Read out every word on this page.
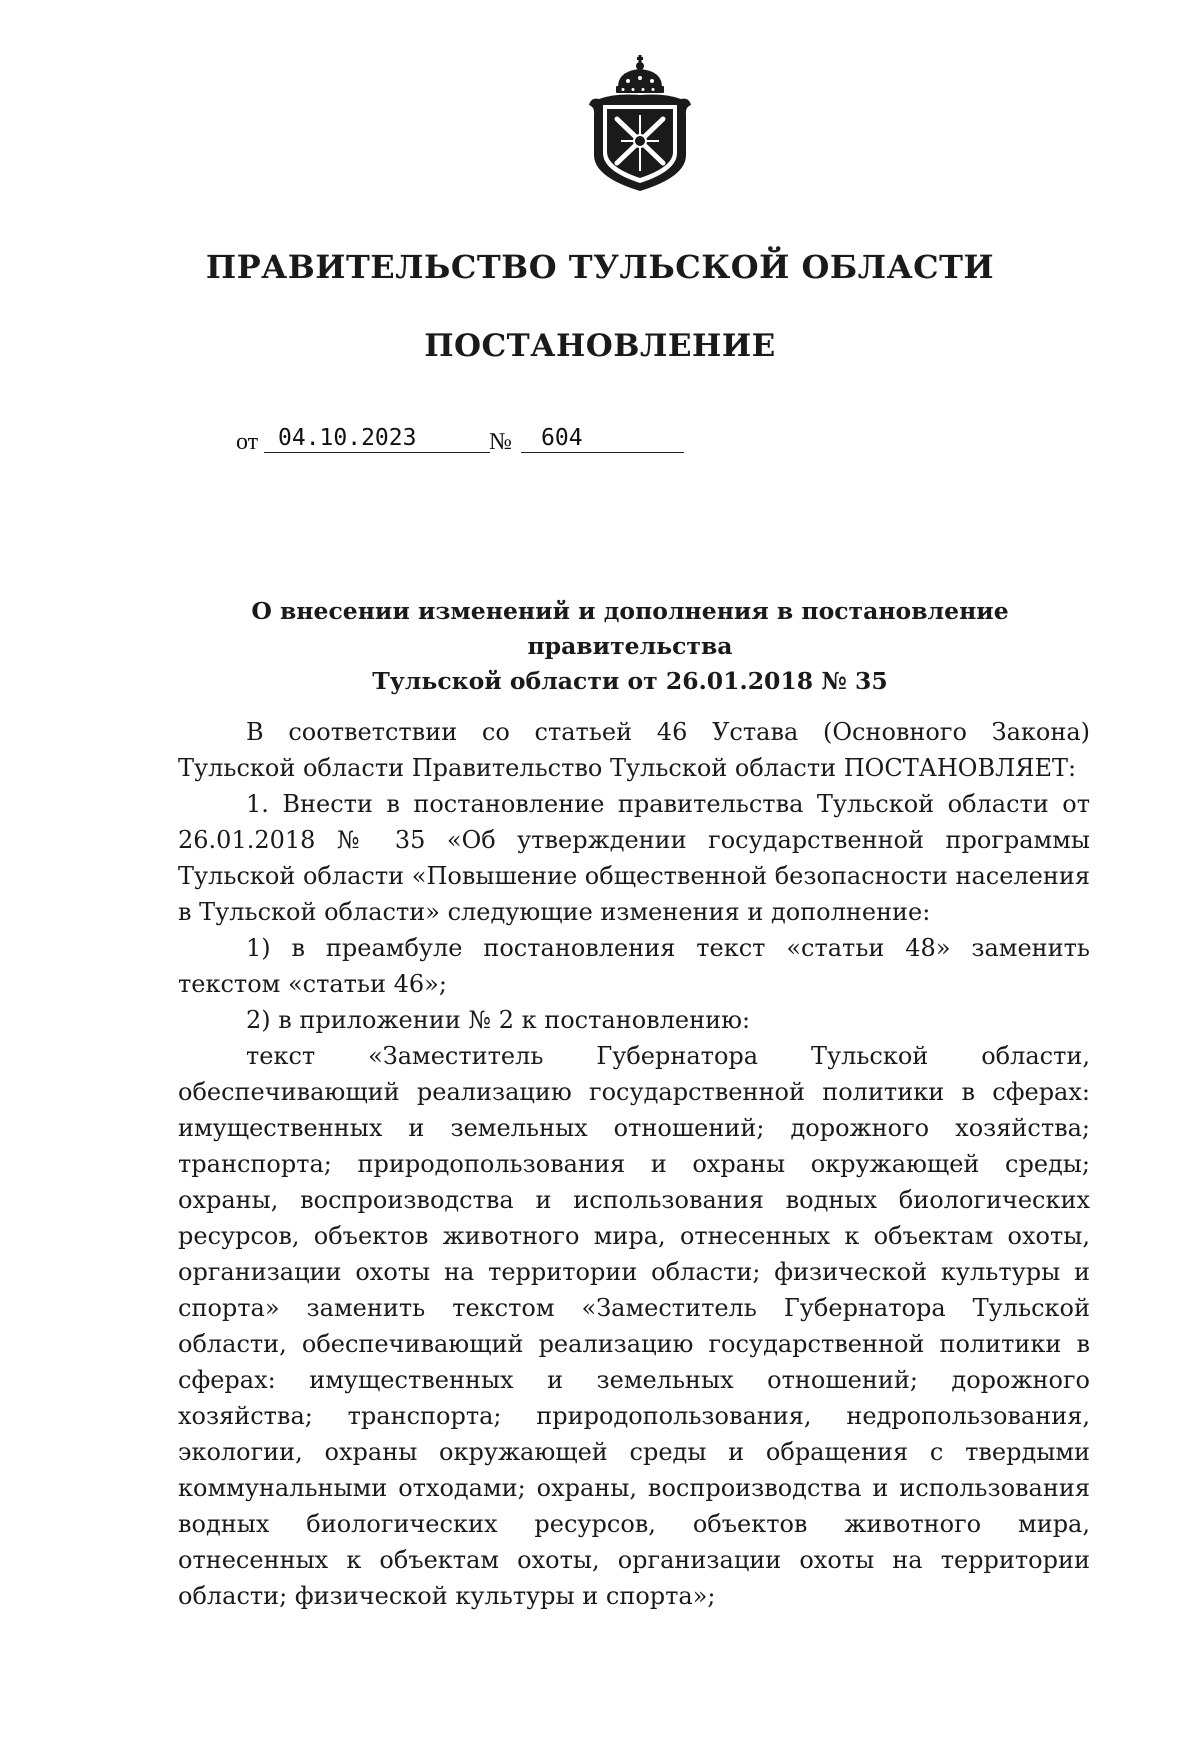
ПРАВИТЕЛЬСТВО ТУЛЬСКОЙ ОБЛАСТИ
ПОСТАНОВЛЕНИЕ
от 04.10.2023	№	604
О внесении изменений и дополнения в постановление правительства
Тульской области от 26.01.2018 № 35

В соответствии со статьей 46 Устава (Основного Закона) Тульской области Правительство Тульской области ПОСТАНОВЛЯЕТ:

1. Внести в постановление правительства Тульской области от 26.01.2018 № 35 «Об утверждении государственной программы Тульской области «Повышение общественной безопасности населения в Тульской области» следующие изменения и дополнение:

1) в преамбуле постановления текст «статьи 48» заменить текстом «статьи 46»;

2) в приложении № 2 к постановлению:

текст «Заместитель Губернатора Тульской области, обеспечивающий реализацию государственной политики в сферах: имущественных и земельных отношений; дорожного хозяйства; транспорта; природопользования и охраны окружающей среды; охраны, воспроизводства и использования водных биологических ресурсов, объектов животного мира, отнесенных к объектам охоты, организации охоты на территории области; физической культуры и спорта» заменить текстом «Заместитель Губернатора Тульской области, обеспечивающий реализацию государственной политики в сферах: имущественных и земельных отношений; дорожного хозяйства; транспорта; природопользования, недропользования, экологии, охраны окружающей среды и обращения с твердыми коммунальными отходами; охраны, воспроизводства и использования водных биологических ресурсов, объектов животного мира, отнесенных к объектам охоты, организации охоты на территории области; физической культуры и спорта»;
